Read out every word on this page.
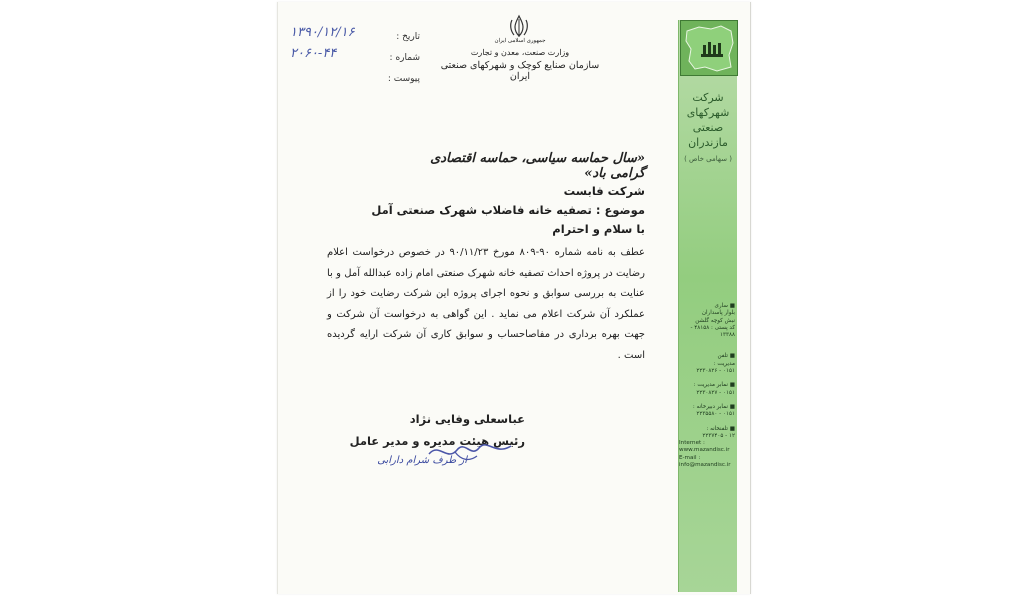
شرکت
شهرکهای
صنعتی
مازندران
( سهامی خاص )
■ ساری
بلوار پاسداران
نبش کوچه گلشن
کد پستی : ۴۸۱۵۸ - ۱۳۳۸۸
■ تلفن
مدیریت :
۰۱۵۱ - ۲۲۳۰۸۲۶
■ نمابر مدیریت :
۰۱۵۱ - ۲۲۳۰۸۲۷
■ نمابر دبیرخانه :
۰۱۵۱ - ۲۲۳۵۵۸۰
■ تلفنخانه :
۱۲ - ۲۲۳۷۴۰۵
Internet :
www.mazandisc.ir
E-mail :
info@mazandisc.ir
تاریخ :
۱۳۹۰/۱۲/۱۶
شماره :
۲۰۶۰-۴۴
پیوست :
جمهوری اسلامی ایران
وزارت صنعت، معدن و تجارت
سازمان صنایع کوچک و شهرکهای صنعتی ایران
«سال حماسه سیاسی، حماسه اقتصادی گرامی باد»
شرکت فابست
موضوع : تصفیه خانه فاضلاب شهرک صنعتی آمل
با سلام و احترام
عطف به نامه شماره ۹۰-۸۰۹ مورخ ۹۰/۱۱/۲۳ در خصوص درخواست اعلام رضایت در پروژه احداث تصفیه خانه شهرک صنعتی امام زاده عبدالله آمل و با عنایت به بررسی سوابق و نحوه اجرای پروژه این شرکت رضایت خود را از عملکرد آن شرکت اعلام می نماید . این گواهی به درخواست آن شرکت و جهت بهره برداری در مفاصاحساب و سوابق کاری آن شرکت ارایه گردیده است .
عباسعلی وفایی نژاد
رئیس هیئت مدیره و مدیر عامل
از طرف شرام دارابی
